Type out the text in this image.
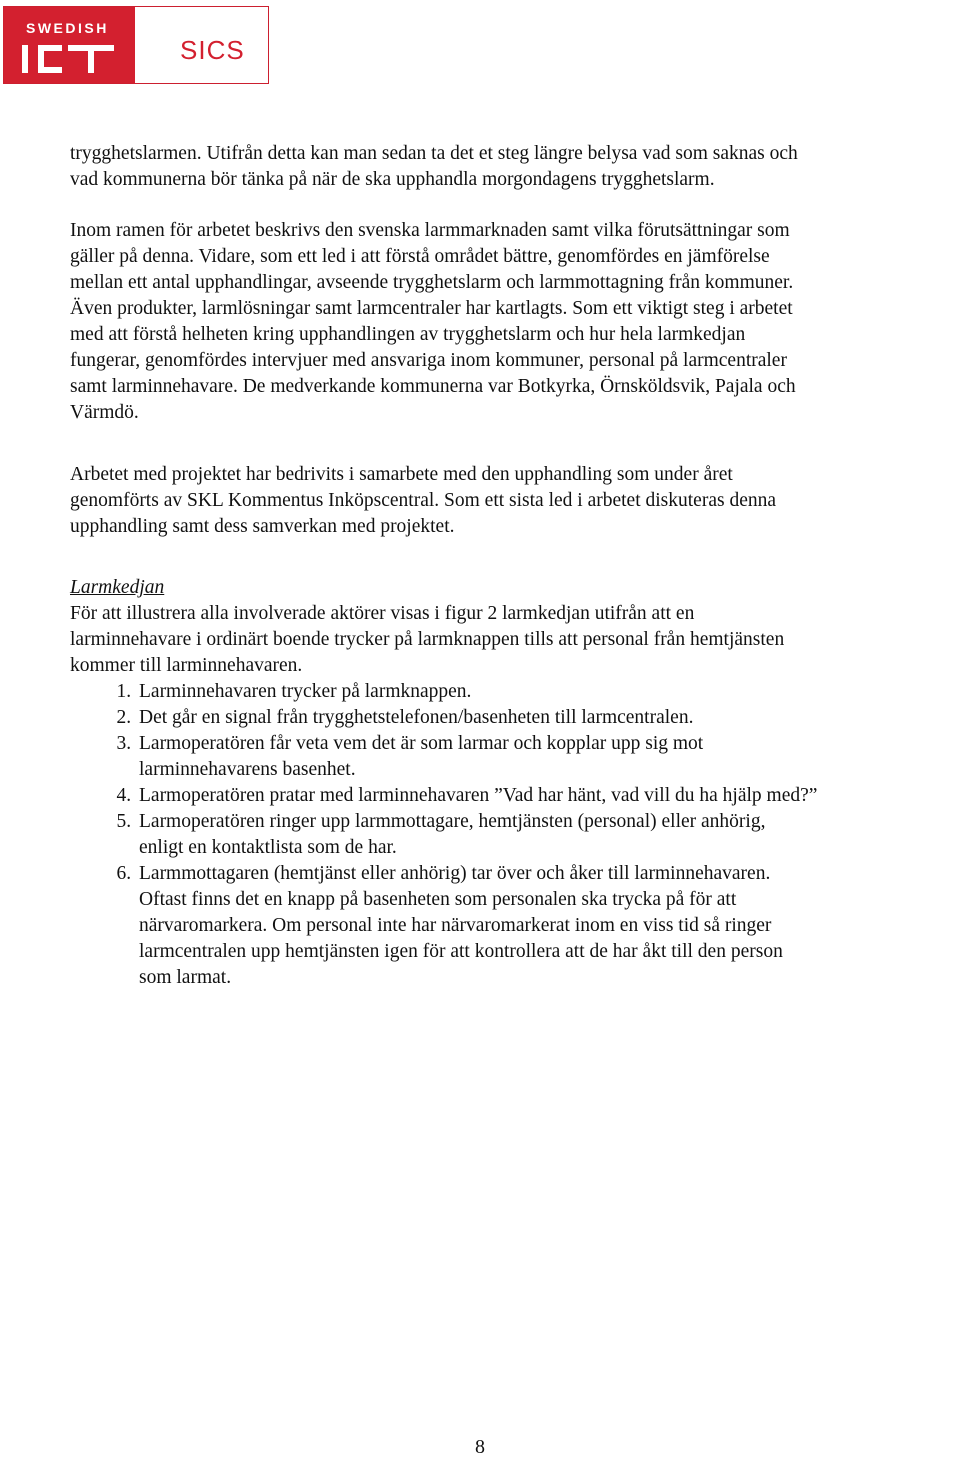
SWEDISH
SICS
trygghetslarmen. Utifrån detta kan man sedan ta det et steg längre belysa vad som saknas och
vad kommunerna bör tänka på när de ska upphandla morgondagens trygghetslarm.
Inom ramen för arbetet beskrivs den svenska larmmarknaden samt vilka förutsättningar som
gäller på denna. Vidare, som ett led i att förstå området bättre, genomfördes en jämförelse
mellan ett antal upphandlingar, avseende trygghetslarm och larmmottagning från kommuner.
Även produkter, larmlösningar samt larmcentraler har kartlagts. Som ett viktigt steg i arbetet
med att förstå helheten kring upphandlingen av trygghetslarm och hur hela larmkedjan
fungerar, genomfördes intervjuer med ansvariga inom kommuner, personal på larmcentraler
samt larminnehavare. De medverkande kommunerna var Botkyrka, Örnsköldsvik, Pajala och
Värmdö.
Arbetet med projektet har bedrivits i samarbete med den upphandling som under året
genomförts av SKL Kommentus Inköpscentral. Som ett sista led i arbetet diskuteras denna
upphandling samt dess samverkan med projektet.
Larmkedjan
För att illustrera alla involverade aktörer visas i figur 2 larmkedjan utifrån att en
larminnehavare i ordinärt boende trycker på larmknappen tills att personal från hemtjänsten
kommer till larminnehavaren.
1. Larminnehavaren trycker på larmknappen.
2. Det går en signal från trygghetstelefonen/basenheten till larmcentralen.
3. Larmoperatören får veta vem det är som larmar och kopplar upp sig mot
larminnehavarens basenhet.
4. Larmoperatören pratar med larminnehavaren ”Vad har hänt, vad vill du ha hjälp med?”
5. Larmoperatören ringer upp larmmottagare, hemtjänsten (personal) eller anhörig,
enligt en kontaktlista som de har.
6. Larmmottagaren (hemtjänst eller anhörig) tar över och åker till larminnehavaren.
Oftast finns det en knapp på basenheten som personalen ska trycka på för att
närvaromarkera. Om personal inte har närvaromarkerat inom en viss tid så ringer
larmcentralen upp hemtjänsten igen för att kontrollera att de har åkt till den person
som larmat.
8
